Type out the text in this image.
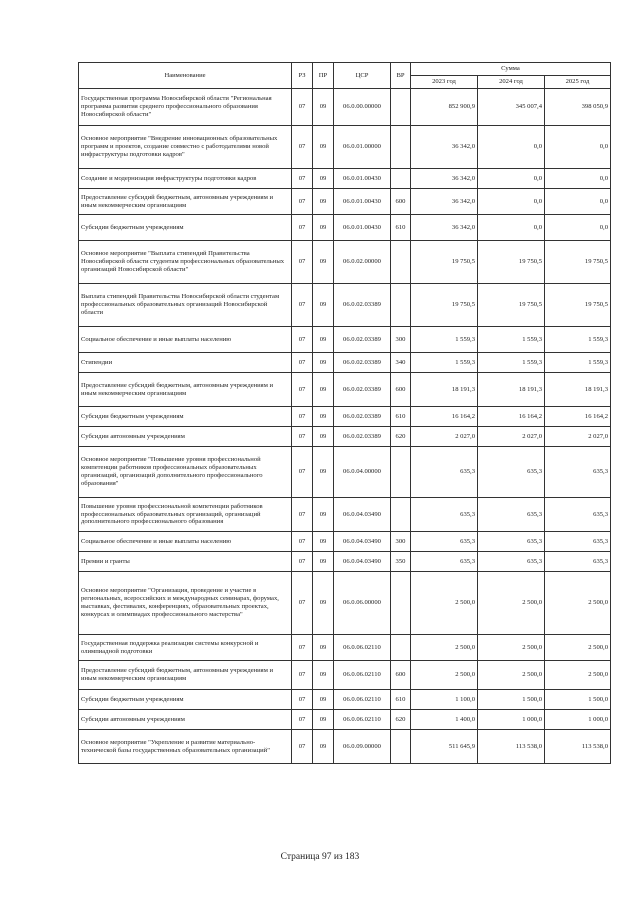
Наименование	РЗ	ПР	ЦСР	ВР	Сумма		
					2023 год	2024 год	2025 год
Государственная программа Новосибирской области "Региональная программа развития среднего профессионального образования Новосибирской области"	07	09	06.0.00.00000		852 900,9	345 007,4	398 050,9
Основное мероприятие "Внедрение инновационных образовательных программ и проектов, создание совместно с работодателями новой инфраструктуры подготовки кадров"	07	09	06.0.01.00000		36 342,0	0,0	0,0
Создание и модернизация инфраструктуры подготовки кадров	07	09	06.0.01.00430		36 342,0	0,0	0,0
Предоставление субсидий бюджетным, автономным учреждениям и иным некоммерческим организациям	07	09	06.0.01.00430	600	36 342,0	0,0	0,0
Субсидии бюджетным учреждениям	07	09	06.0.01.00430	610	36 342,0	0,0	0,0
Основное мероприятие "Выплата стипендий Правительства Новосибирской области студентам профессиональных образовательных организаций Новосибирской области"	07	09	06.0.02.00000		19 750,5	19 750,5	19 750,5
Выплата стипендий Правительства Новосибирской области студентам профессиональных образовательных организаций Новосибирской области	07	09	06.0.02.03389		19 750,5	19 750,5	19 750,5
Социальное обеспечение и иные выплаты населению	07	09	06.0.02.03389	300	1 559,3	1 559,3	1 559,3
Стипендии	07	09	06.0.02.03389	340	1 559,3	1 559,3	1 559,3
Предоставление субсидий бюджетным, автономным учреждениям и иным некоммерческим организациям	07	09	06.0.02.03389	600	18 191,3	18 191,3	18 191,3
Субсидии бюджетным учреждениям	07	09	06.0.02.03389	610	16 164,2	16 164,2	16 164,2
Субсидии автономным учреждениям	07	09	06.0.02.03389	620	2 027,0	2 027,0	2 027,0
Основное мероприятие "Повышение уровня профессиональной компетенции работников профессиональных образовательных организаций, организаций дополнительного профессионального образования"	07	09	06.0.04.00000		635,3	635,3	635,3
Повышение уровня профессиональной компетенции работников профессиональных образовательных организаций, организаций дополнительного профессионального образования	07	09	06.0.04.03490		635,3	635,3	635,3
Социальное обеспечение и иные выплаты населению	07	09	06.0.04.03490	300	635,3	635,3	635,3
Премии и гранты	07	09	06.0.04.03490	350	635,3	635,3	635,3
Основное мероприятие "Организация, проведение и участие в региональных, всероссийских и международных семинарах, форумах, выставках, фестивалях, конференциях, образовательных проектах, конкурсах и олимпиадах профессионального мастерства"	07	09	06.0.06.00000		2 500,0	2 500,0	2 500,0
Государственная поддержка реализации системы конкурсной и олимпиадной подготовки	07	09	06.0.06.02110		2 500,0	2 500,0	2 500,0
Предоставление субсидий бюджетным, автономным учреждениям и иным некоммерческим организациям	07	09	06.0.06.02110	600	2 500,0	2 500,0	2 500,0
Субсидии бюджетным учреждениям	07	09	06.0.06.02110	610	1 100,0	1 500,0	1 500,0
Субсидии автономным учреждениям	07	09	06.0.06.02110	620	1 400,0	1 000,0	1 000,0
Основное мероприятие "Укрепление и развитие материально-технической базы государственных образовательных организаций"	07	09	06.0.09.00000		511 645,9	113 538,0	113 538,0
Страница 97 из 183
